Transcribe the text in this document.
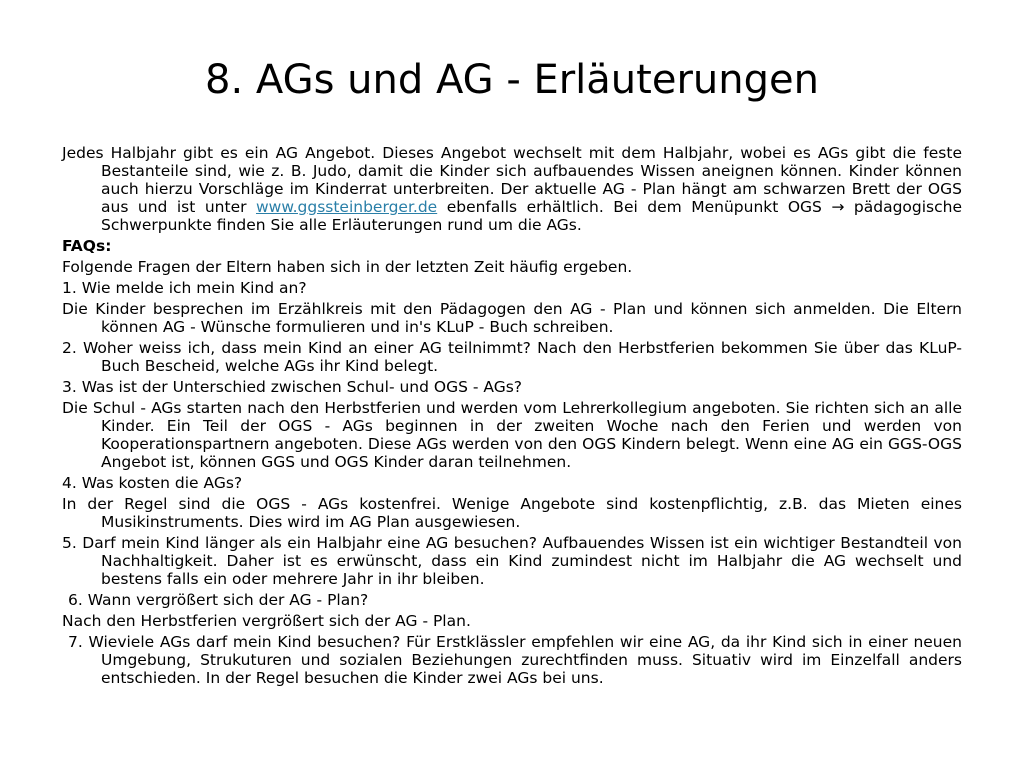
8. AGs und AG - Erläuterungen

Jedes Halbjahr gibt es ein AG Angebot. Dieses Angebot wechselt mit dem Halbjahr, wobei es AGs gibt die feste Bestanteile sind, wie z. B. Judo, damit die Kinder sich aufbauendes Wissen aneignen können. Kinder können auch hierzu Vorschläge im Kinderrat unterbreiten. Der aktuelle AG - Plan hängt am schwarzen Brett der OGS aus und ist unter www.ggssteinberger.de ebenfalls erhältlich. Bei dem Menüpunkt OGS → pädagogische Schwerpunkte finden Sie alle Erläuterungen rund um die AGs.

FAQs:

Folgende Fragen der Eltern haben sich in der letzten Zeit häufig ergeben.

1. Wie melde ich mein Kind an?

Die Kinder besprechen im Erzählkreis mit den Pädagogen den AG - Plan und können sich anmelden. Die Eltern können AG - Wünsche formulieren und in's KLuP - Buch schreiben.

2. Woher weiss ich, dass mein Kind an einer AG teilnimmt? Nach den Herbstferien bekommen Sie über das KLuP-Buch Bescheid, welche AGs ihr Kind belegt.

3. Was ist der Unterschied zwischen Schul- und OGS - AGs?

Die Schul - AGs starten nach den Herbstferien und werden vom Lehrerkollegium angeboten. Sie richten sich an alle Kinder. Ein Teil der OGS - AGs beginnen in der zweiten Woche nach den Ferien und werden von Kooperationspartnern angeboten. Diese AGs werden von den OGS Kindern belegt. Wenn eine AG ein GGS-OGS Angebot ist, können GGS und OGS Kinder daran teilnehmen.

4. Was kosten die AGs?

In der Regel sind die OGS - AGs kostenfrei. Wenige Angebote sind kostenpflichtig, z.B. das Mieten eines Musikinstruments. Dies wird im AG Plan ausgewiesen.

5. Darf mein Kind länger als ein Halbjahr eine AG besuchen? Aufbauendes Wissen ist ein wichtiger Bestandteil von Nachhaltigkeit. Daher ist es erwünscht, dass ein Kind zumindest nicht im Halbjahr die AG wechselt und bestens falls ein oder mehrere Jahr in ihr bleiben.

6. Wann vergrößert sich der AG - Plan?

Nach den Herbstferien vergrößert sich der AG - Plan.

7. Wieviele AGs darf mein Kind besuchen? Für Erstklässler empfehlen wir eine AG, da ihr Kind sich in einer neuen Umgebung, Strukuturen und sozialen Beziehungen zurechtfinden muss. Situativ wird im Einzelfall anders entschieden. In der Regel besuchen die Kinder zwei AGs bei uns.
